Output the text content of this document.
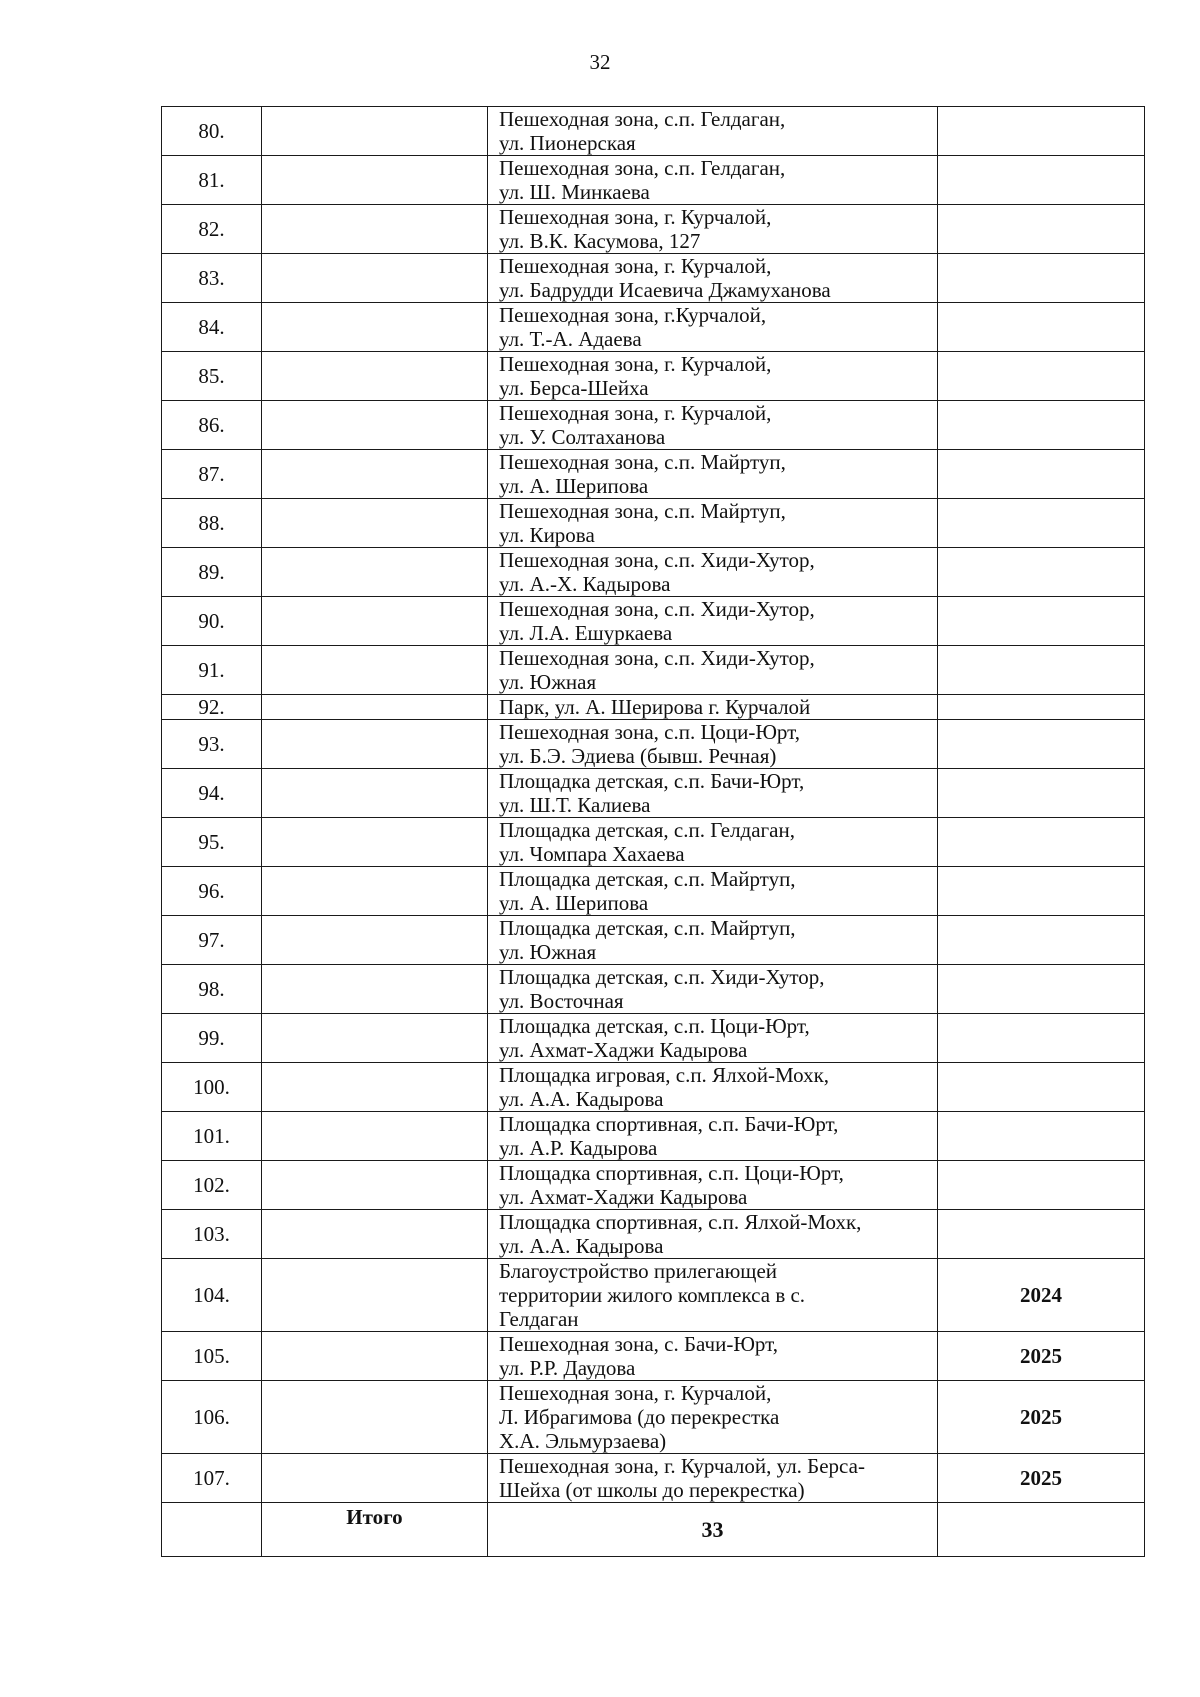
32
80.		Пешеходная зона, с.п. Гелдаган,
ул. Пионерская	

81.		Пешеходная зона, с.п. Гелдаган,
ул. Ш. Минкаева	

82.		Пешеходная зона, г. Курчалой,
ул. В.К. Касумова, 127	

83.		Пешеходная зона, г. Курчалой,
ул. Бадрудди Исаевича Джамуханова	

84.		Пешеходная зона, г.Курчалой,
ул. Т.-А. Адаева	

85.		Пешеходная зона, г. Курчалой,
ул. Берса-Шейха	

86.		Пешеходная зона, г. Курчалой,
ул. У. Солтаханова	

87.		Пешеходная зона, с.п. Майртуп,
ул. А. Шерипова	

88.		Пешеходная зона, с.п. Майртуп,
ул. Кирова	

89.		Пешеходная зона, с.п. Хиди-Хутор,
ул. А.-Х. Кадырова	

90.		Пешеходная зона, с.п. Хиди-Хутор,
ул. Л.А. Ешуркаева	

91.		Пешеходная зона, с.п. Хиди-Хутор,
ул. Южная	

92.		Парк, ул. А. Шерирова г. Курчалой	

93.		Пешеходная зона, с.п. Цоци-Юрт,
ул. Б.Э. Эдиева (бывш. Речная)	

94.		Площадка детская, с.п. Бачи-Юрт,
ул. Ш.Т. Калиева	

95.		Площадка детская, с.п. Гелдаган,
ул. Чомпара Хахаева	

96.		Площадка детская, с.п. Майртуп,
ул. А. Шерипова	

97.		Площадка детская, с.п. Майртуп,
ул. Южная	

98.		Площадка детская, с.п. Хиди-Хутор,
ул. Восточная	

99.		Площадка детская, с.п. Цоци-Юрт,
ул. Ахмат-Хаджи Кадырова	

100.		Площадка игровая, с.п. Ялхой-Мохк,
ул. А.А. Кадырова	

101.		Площадка спортивная, с.п. Бачи-Юрт,
ул. А.Р. Кадырова	

102.		Площадка спортивная, с.п. Цоци-Юрт,
ул. Ахмат-Хаджи Кадырова	

103.		Площадка спортивная, с.п. Ялхой-Мохк,
ул. А.А. Кадырова	

104.		Благоустройство прилегающей
территории жилого комплекса в с.
Гелдаган	2024
105.		Пешеходная зона, с. Бачи-Юрт,
ул. Р.Р. Даудова	2025
106.		Пешеходная зона, г. Курчалой,
Л. Ибрагимова (до перекрестка
Х.А. Эльмурзаева)	2025
107.		Пешеходная зона, г. Курчалой, ул. Берса-
Шейха (от школы до перекрестка)	2025
	Итого	33	
